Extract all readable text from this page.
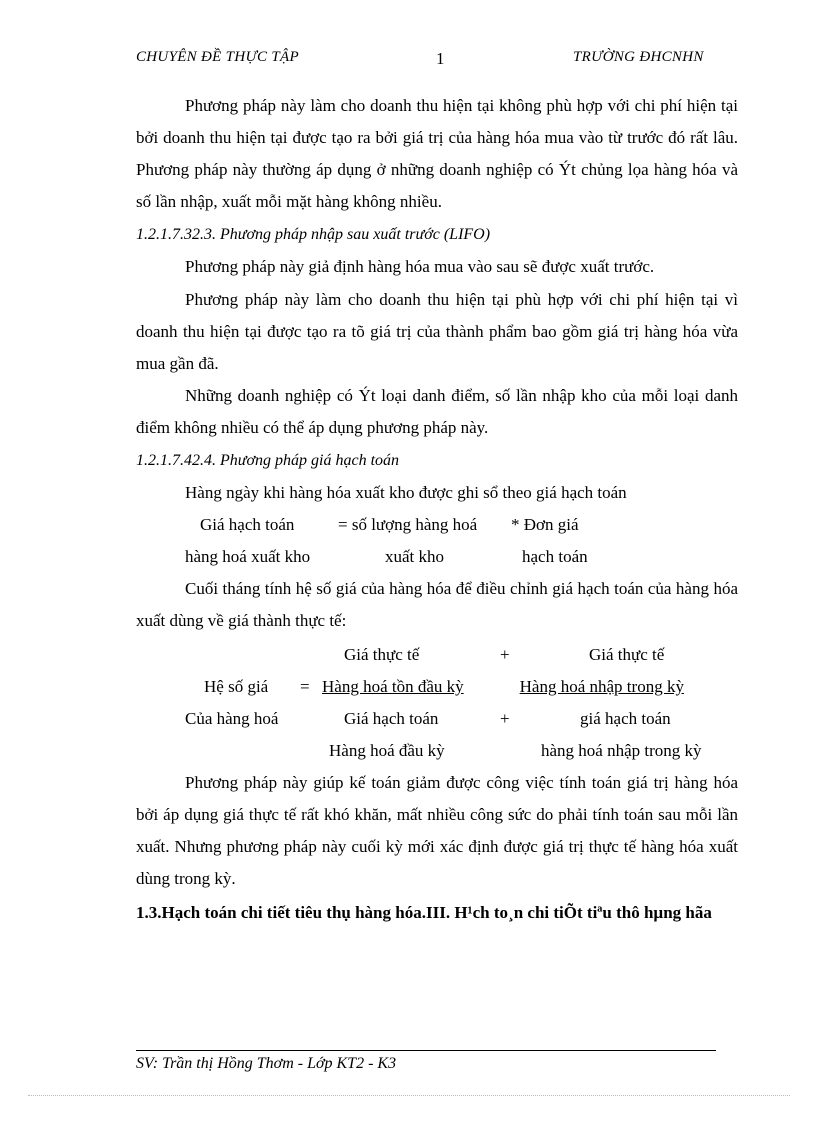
CHUYÊN ĐỀ THỰC TẬP	1	TRƯỜNG ĐHCNHN
Phương pháp này làm cho doanh thu hiện tại không phù hợp với chi phí hiện tại bởi doanh thu hiện tại được tạo ra bởi giá trị của hàng hóa mua vào từ trước đó rất lâu. Phương pháp này thường áp dụng ở những doanh nghiệp có Ýt chủng lọa hàng hóa và số lần nhập, xuất mỗi mặt hàng không nhiều.
1.2.1.7.32.3. Phương pháp nhập sau xuất trước (LIFO)
Phương pháp này giả định hàng hóa mua vào sau sẽ được xuất trước.
Phương pháp này làm cho doanh thu hiện tại phù hợp với chi phí hiện tại vì doanh thu hiện tại được tạo ra tõ giá trị của thành phẩm bao gồm giá trị hàng hóa vừa mua gần đã.
Những doanh nghiệp có Ýt loại danh điểm, số lần nhập kho của mỗi loại danh điểm không nhiều có thể áp dụng phương pháp này.
1.2.1.7.42.4. Phương pháp giá hạch toán
Hàng ngày khi hàng hóa xuất kho được ghi sổ theo giá hạch toán
Giá hạch toán	= số lượng hàng hoá * Đơn giá
hàng hoá xuất kho	xuất kho	hạch toán
Cuối tháng tính hệ số giá của hàng hóa để điều chỉnh giá hạch toán của hàng hóa xuất dùng về giá thành thực tế:
Giá thực tế	+	Giá thực tế
Hệ số giá = Hàng hoá tồn đầu kỳ	Hàng hoá nhập trong kỳ
Của hàng hoá	Giá hạch toán	+	giá hạch toán
Hàng hoá đầu kỳ	hàng hoá nhập trong kỳ
Phương pháp này giúp kế toán giảm được công việc tính toán giá trị hàng hóa bởi áp dụng giá thực tế rất khó khăn, mất nhiều công sức do phải tính toán sau mỗi lần xuất. Nhưng phương pháp này cuối kỳ mới xác định được giá trị thực tế hàng hóa xuất dùng trong kỳ.
1.3.Hạch toán chi tiết tiêu thụ hàng hóa.III. H¹ch to¸n chi tiÕt tiªu thô hµng hãa
SV: Trần thị Hồng Thơm - Lớp KT2 - K3
